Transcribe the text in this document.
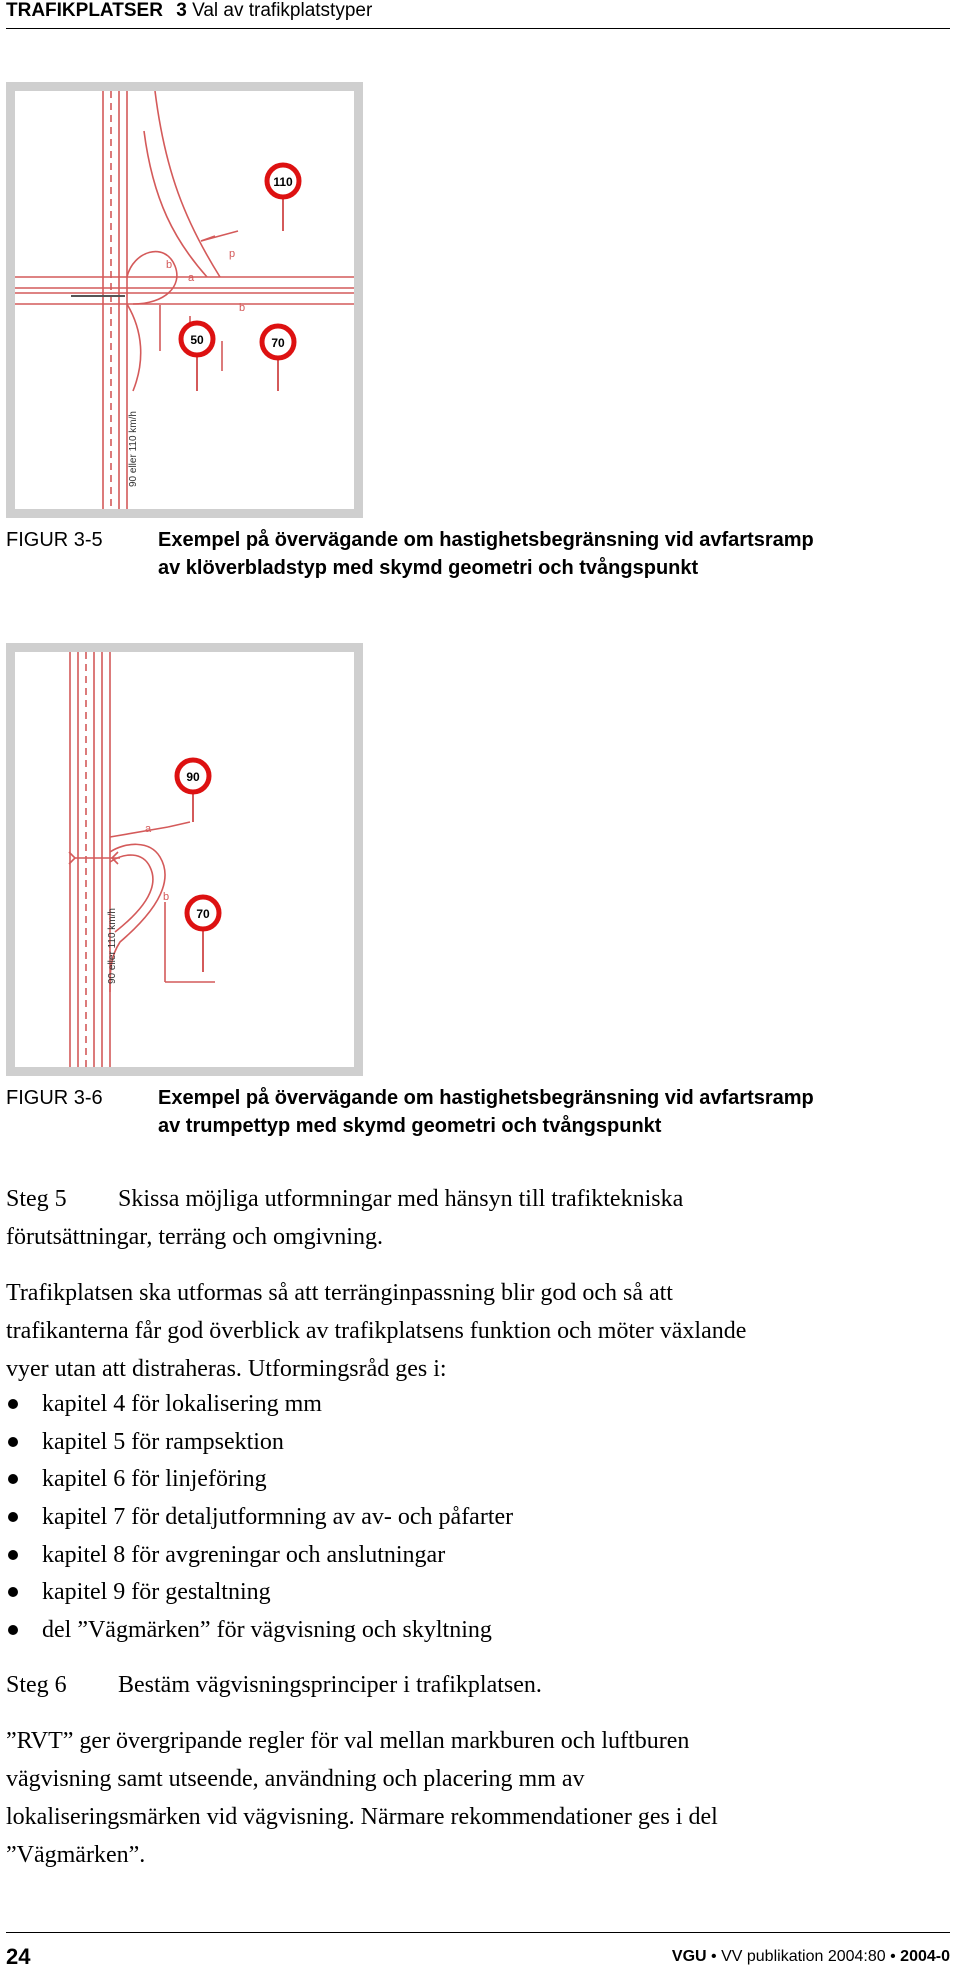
TRAFIKPLATSER 3 Val av trafikplatstyper
110
50	70
a
b
p
b
90 eller 110 km/h
FIGUR 3-5	Exempel på övervägande om hastighetsbegränsning vid avfartsramp
av klöverbladstyp med skymd geometri och tvångspunkt
90
70
a
b
90 eller 110 km/h
FIGUR 3-6	Exempel på övervägande om hastighetsbegränsning vid avfartsramp
av trumpettyp med skymd geometri och tvångspunkt
Steg 5 Skissa möjliga utformningar med hänsyn till trafiktekniska
förutsättningar, terräng och omgivning.
Trafikplatsen ska utformas så att terränginpassning blir god och så att
trafikanterna får god överblick av trafikplatsens funktion och möter växlande
vyer utan att distraheras. Utformingsråd ges i:
kapitel 4 för lokalisering mm
kapitel 5 för rampsektion
kapitel 6 för linjeföring
kapitel 7 för detaljutformning av av- och påfarter
kapitel 8 för avgreningar och anslutningar
kapitel 9 för gestaltning
del ”Vägmärken” för vägvisning och skyltning
Steg 6 Bestäm vägvisningsprinciper i trafikplatsen.
”RVT” ger övergripande regler för val mellan markburen och luftburen
vägvisning samt utseende, användning och placering mm av
lokaliseringsmärken vid vägvisning. Närmare rekommendationer ges i del
”Vägmärken”.
24	VGU • VV publikation 2004:80 • 2004-0
